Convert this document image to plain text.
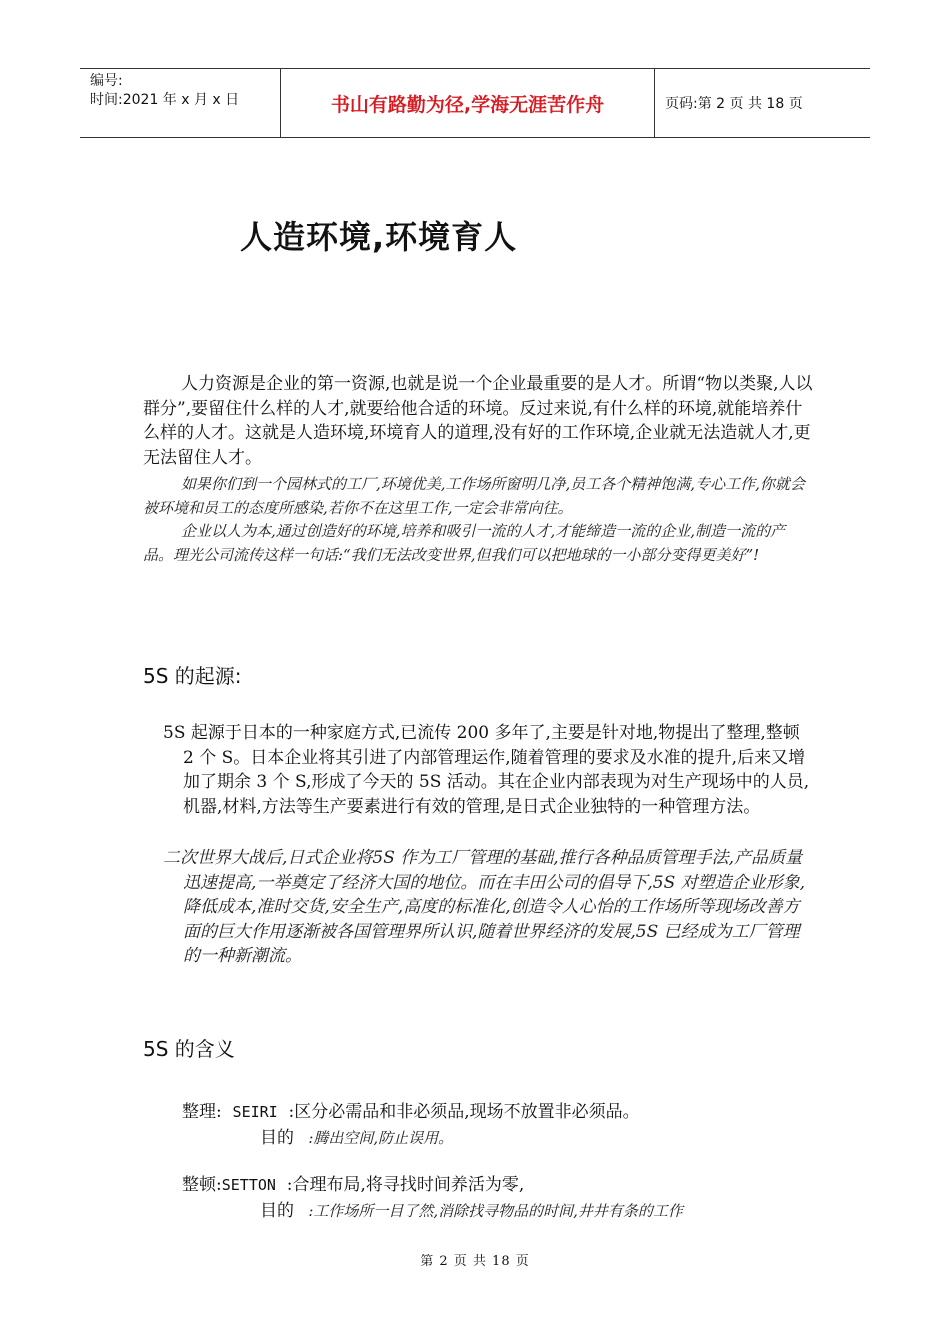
编号:
时间:2021 年 x 月 x 日	书山有路勤为径,学海无涯苦作舟	页码:第 2 页 共 18 页
人造环境,环境育人
人力资源是企业的第一资源,也就是说一个企业最重要的是人才。所谓“物以类聚,人以群分”,要留住什么样的人才,就要给他合适的环境。反过来说,有什么样的环境,就能培养什么样的人才。这就是人造环境,环境育人的道理,没有好的工作环境,企业就无法造就人才,更无法留住人才。
如果你们到一个园林式的工厂,环境优美,工作场所窗明几净,员工各个精神饱满,专心工作,你就会被环境和员工的态度所感染,若你不在这里工作,一定会非常向往。
企业以人为本,通过创造好的环境,培养和吸引一流的人才,才能缔造一流的企业,制造一流的产品。理光公司流传这样一句话:“我们无法改变世界,但我们可以把地球的一小部分变得更美好”!
5S 的起源:
5S 起源于日本的一种家庭方式,已流传 200 多年了,主要是针对地,物提出了整理,整顿 2 个 S。日本企业将其引进了内部管理运作,随着管理的要求及水准的提升,后来又增加了期余 3 个 S,形成了今天的 5S 活动。其在企业内部表现为对生产现场中的人员,机器,材料,方法等生产要素进行有效的管理,是日式企业独特的一种管理方法。
二次世界大战后,日式企业将5S 作为工厂管理的基础,推行各种品质管理手法,产品质量迅速提高,一举奠定了经济大国的地位。而在丰田公司的倡导下,5S 对塑造企业形象,降低成本,准时交货,安全生产,高度的标准化,创造令人心怡的工作场所等现场改善方面的巨大作用逐渐被各国管理界所认识,随着世界经济的发展,5S 已经成为工厂管理的一种新潮流。
5S 的含义
整理: SEIRI :区分必需品和非必须品,现场不放置非必须品。
目的 :腾出空间,防止误用。
整顿:SETTON :合理布局,将寻找时间养活为零,
目的 :工作场所一目了然,消除找寻物品的时间,井井有条的工作
第 2 页 共 18 页
